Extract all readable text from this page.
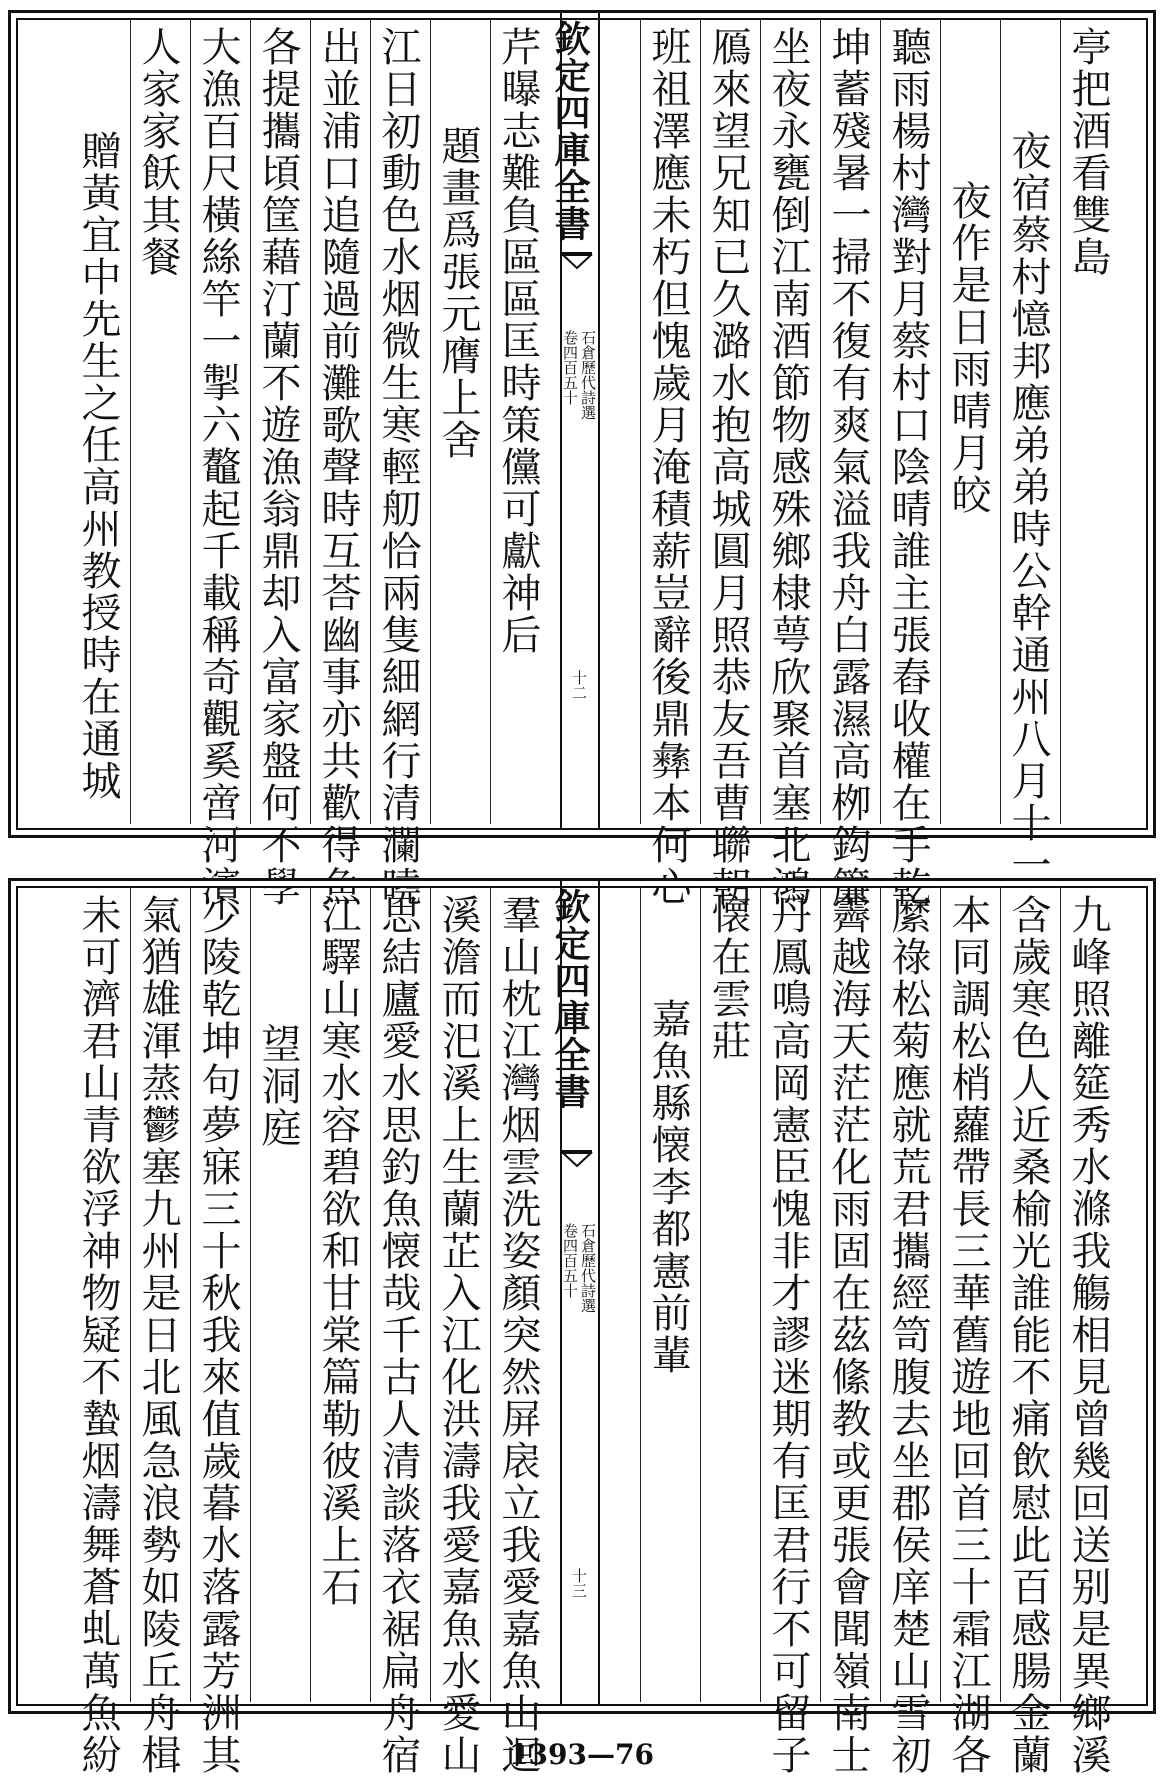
亭把酒看雙島
夜宿蔡村憶邦應弟弟時公幹通州八月十一
夜作是日雨晴月皎
聽雨楊村灣對月蔡村口陰晴誰主張舂收權在手乾
坤蓄殘暑一掃不復有爽氣溢我舟白露濕高栁鈎簾
坐夜永甕倒江南酒節物感殊鄉棣萼欣聚首塞北鴻
鴈來望兄知已久潞水抱高城圓月照恭友吾曹聯朝
班祖澤應未朽但愧歲月淹積薪豈辭後鼎彝本何心
欽定四庫全書
石倉歷代詩選
卷四百五十
十二
芹曝志難負區區匡時策儻可獻神后
題畫爲張元膺上舍
江日初動色水烟微生寒輕舠恰兩隻細網行清瀾曉
出並浦口追隨過前灘歌聲時互荅幽事亦共歡得魚
各提攜頃筐藉汀蘭不遊漁翁鼎却入富家盤何不學
大漁百尺橫絲竿一掣六鼇起千載稱奇觀奚啻河濱
人家家飫其餐
贈黃宜中先生之任高州教授時在通城
九峰照離筵秀水滌我觴相見曾幾回送别是異鄉溪
含歲寒色人近桑榆光誰能不痛飲慰此百感腸金蘭
本同調松梢蘿帶長三華舊遊地回首三十霜江湖各
縻祿松菊應就荒君攜經笥腹去坐郡侯庠楚山雪初
霽越海天茫茫化雨固在茲絛教或更張會聞嶺南士
丹鳳鳴高岡憲臣愧非才謬迷期有匡君行不可留子
懐在雲莊
嘉魚縣懐李都憲前輩
欽定四庫全書
石倉歷代詩選
卷四百五十
十三
羣山枕江灣烟雲洗姿顏突然屏扆立我愛嘉魚山迴
溪澹而汜溪上生蘭芷入江化洪濤我愛嘉魚水愛山
思結廬愛水思釣魚懐哉千古人清談落衣裾扁舟宿
江驛山寒水容碧欲和甘棠篇勒彼溪上石
望洞庭
少陵乾坤句夢寐三十秋我來值歲暮水落露芳洲其
氣猶雄渾蒸鬱塞九州是日北風急浪勢如陵丘舟楫
未可濟君山青欲浮神物疑不蟄烟濤舞蒼虬萬魚紛	1393—76
